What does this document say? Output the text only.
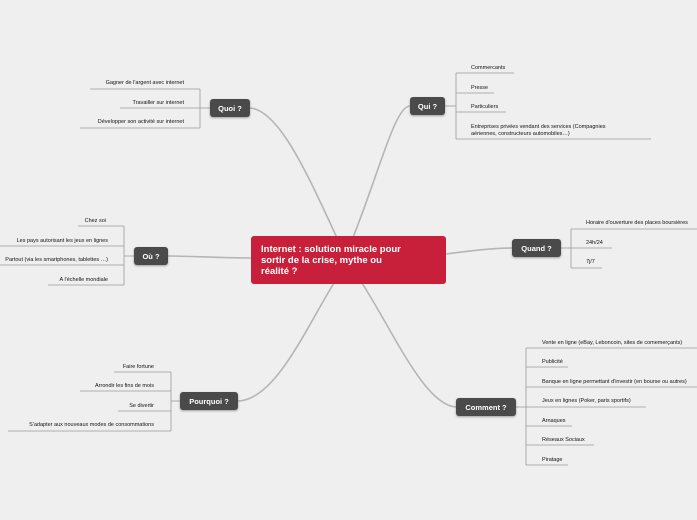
Internet : solution miracle pour
sortir de la crise, mythe ou
réalité ?
Quoi ?	Qui ?
Où ?
Quand ?
Pourquoi ?
Comment ?
Gagner de l'argent avec internet
Travailler sur internet
Développer son activité sur internet
Commercants
Presse
Particuliers
Entreprises privées vendant des services (Compagnies
aériennes, constructeurs automobiles…)
Chez soi
Les pays autorisant les jeux en lignes
Partout (via les smartphones, tablettes …)
A l'échelle mondiale
Horaire d'ouverture des places boursières
24h/24
7j/7
Faire fortune
Arrondir les fins de mois
Se divertir
S'adapter aux nouveaux modes de consommations
Vente en ligne (eBay, Leboncoin, sites de comemerçants)
Publicité
Banque en ligne permettant d'investir (en bourse ou autres)
Jeux en lignes (Poker, paris sportifs)
Arnaques
Réseaux Sociaux
Piratage
